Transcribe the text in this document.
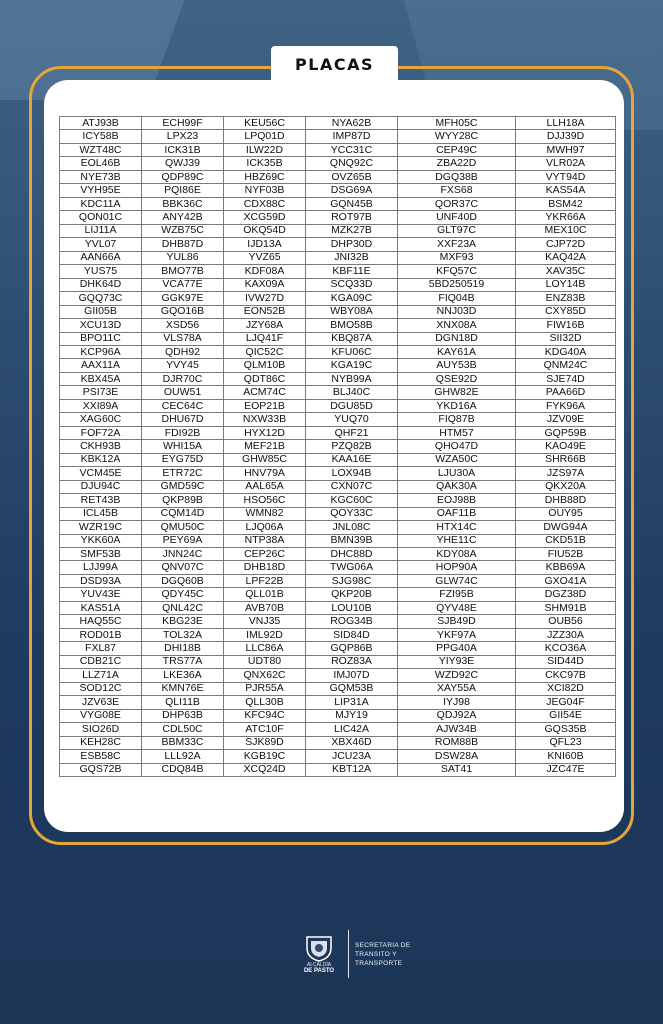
PLACAS
ATJ93B	ECH99F	KEU56C	NYA62B	MFH05C	LLH18A
ICY58B	LPX23	LPQ01D	IMP87D	WYY28C	DJJ39D
WZT48C	ICK31B	ILW22D	YCC31C	CEP49C	MWH97
EOL46B	QWJ39	ICK35B	QNQ92C	ZBA22D	VLR02A
NYE73B	QDP89C	HBZ69C	OVZ65B	DGQ38B	VYT94D
VYH95E	PQI86E	NYF03B	DSG69A	FXS68	KAS54A
KDC11A	BBK36C	CDX88C	GQN45B	QOR37C	BSM42
QON01C	ANY42B	XCG59D	ROT97B	UNF40D	YKR66A
LIJ11A	WZB75C	OKQ54D	MZK27B	GLT97C	MEX10C
YVL07	DHB87D	IJD13A	DHP30D	XXF23A	CJP72D
AAN66A	YUL86	YVZ65	JNI32B	MXF93	KAQ42A
YUS75	BMO77B	KDF08A	KBF11E	KFQ57C	XAV35C
DHK64D	VCA77E	KAX09A	SCQ33D	5BD250519	LOY14B
GQQ73C	GGK97E	IVW27D	KGA09C	FIQ04B	ENZ83B
GII05B	GQO16B	EON52B	WBY08A	NNJ03D	CXY85D
XCU13D	XSD56	JZY68A	BMO58B	XNX08A	FIW16B
BPO11C	VLS78A	LJQ41F	KBQ87A	DGN18D	SII32D
KCP96A	QDH92	QIC52C	KFU06C	KAY61A	KDG40A
AAX11A	YVY45	QLM10B	KGA19C	AUY53B	QNM24C
KBX45A	DJR70C	QDT86C	NYB99A	QSE92D	SJE74D
PSI73E	OUW51	ACM74C	BLJ40C	GHW82E	PAA66D
XXI89A	CEC64C	EOP21B	DGU85D	YKD16A	FYK96A
XAG60C	DHU67D	NXW33B	YUQ70	FIQ87B	JZV09E
FOF72A	FDI92B	HYX12D	QHF21	HTM57	GQP59B
CKH93B	WHI15A	MEF21B	PZQ82B	QHO47D	KAO49E
KBK12A	EYG75D	GHW85C	KAA16E	WZA50C	SHR66B
VCM45E	ETR72C	HNV79A	LOX94B	LJU30A	JZS97A
DJU94C	GMD59C	AAL65A	CXN07C	QAK30A	QKX20A
RET43B	QKP89B	HSO56C	KGC60C	EOJ98B	DHB88D
ICL45B	CQM14D	WMN82	QOY33C	OAF11B	OUY95
WZR19C	QMU50C	LJQ06A	JNL08C	HTX14C	DWG94A
YKK60A	PEY69A	NTP38A	BMN39B	YHE11C	CKD51B
SMF53B	JNN24C	CEP26C	DHC88D	KDY08A	FIU52B
LJJ99A	QNV07C	DHB18D	TWG06A	HOP90A	KBB69A
DSD93A	DGQ60B	LPF22B	SJG98C	GLW74C	GXO41A
YUV43E	QDY45C	QLL01B	QKP20B	FZI95B	DGZ38D
KAS51A	QNL42C	AVB70B	LOU10B	QYV48E	SHM91B
HAQ55C	KBG23E	VNJ35	ROG34B	SJB49D	OUB56
ROD01B	TOL32A	IML92D	SID84D	YKF97A	JZZ30A
FXL87	DHI18B	LLC86A	GQP86B	PPG40A	KCO36A
CDB21C	TRS77A	UDT80	ROZ83A	YIY93E	SID44D
LLZ71A	LKE36A	QNX62C	IMJ07D	WZD92C	CKC97B
SOD12C	KMN76E	PJR55A	GQM53B	XAY55A	XCI82D
JZV63E	QLI11B	QLL30B	LIP31A	IYJ98	JEG04F
VYG08E	DHP63B	KFC94C	MJY19	QDJ92A	GII54E
SIO26D	CDL50C	ATC10F	LIC42A	AJW34B	GQS35B
KEH28C	BBM33C	SJK89D	XBX46D	ROM88B	QFL23
ESB58C	LLL92A	KGB19C	JCU23A	DSW28A	KNI60B
GQS72B	CDQ84B	XCQ24D	KBT12A	SAT41	JZC47E
ALCALDÍA
DE PASTO
SECRETARIA DE
TRANSITO Y
TRANSPORTE
